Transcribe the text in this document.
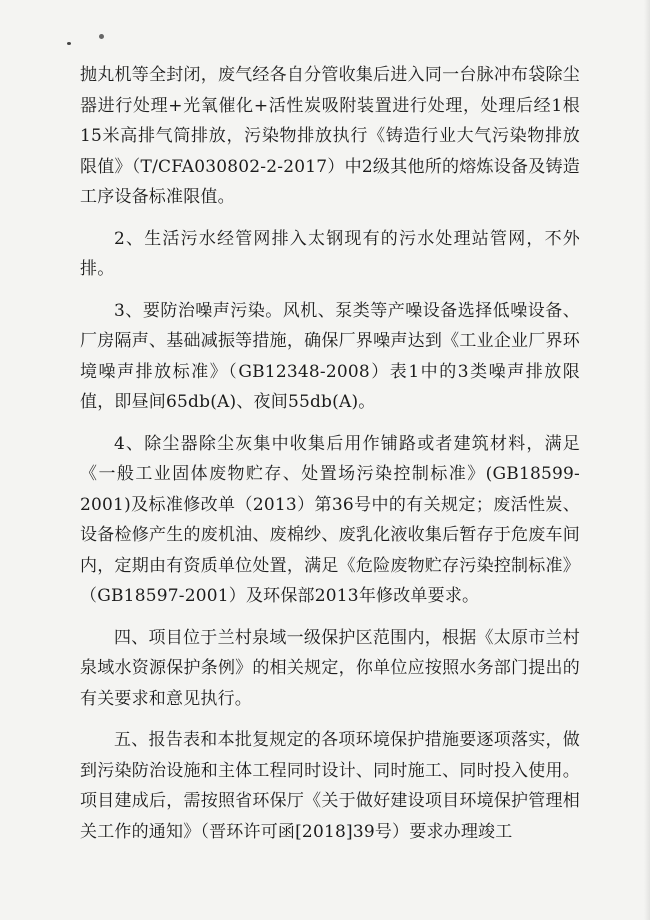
抛丸机等全封闭，废气经各自分管收集后进入同一台脉冲布袋除尘器进行处理+光氧催化+活性炭吸附装置进行处理，处理后经1根15米高排气筒排放，污染物排放执行《铸造行业大气污染物排放限值》（T/CFA030802-2-2017）中2级其他所的熔炼设备及铸造工序设备标准限值。

2、生活污水经管网排入太钢现有的污水处理站管网，不外排。

3、要防治噪声污染。风机、泵类等产噪设备选择低噪设备、厂房隔声、基础减振等措施，确保厂界噪声达到《工业企业厂界环境噪声排放标准》（GB12348-2008）表1中的3类噪声排放限值，即昼间65db(A)、夜间55db(A)。

4、除尘器除尘灰集中收集后用作铺路或者建筑材料，满足《一般工业固体废物贮存、处置场污染控制标准》(GB18599-2001)及标准修改单（2013）第36号中的有关规定；废活性炭、设备检修产生的废机油、废棉纱、废乳化液收集后暂存于危废车间内，定期由有资质单位处置，满足《危险废物贮存污染控制标准》（GB18597-2001）及环保部2013年修改单要求。

四、项目位于兰村泉域一级保护区范围内，根据《太原市兰村泉域水资源保护条例》的相关规定，你单位应按照水务部门提出的有关要求和意见执行。

五、报告表和本批复规定的各项环境保护措施要逐项落实，做到污染防治设施和主体工程同时设计、同时施工、同时投入使用。项目建成后，需按照省环保厅《关于做好建设项目环境保护管理相关工作的通知》（晋环许可函[2018]39号）要求办理竣工
